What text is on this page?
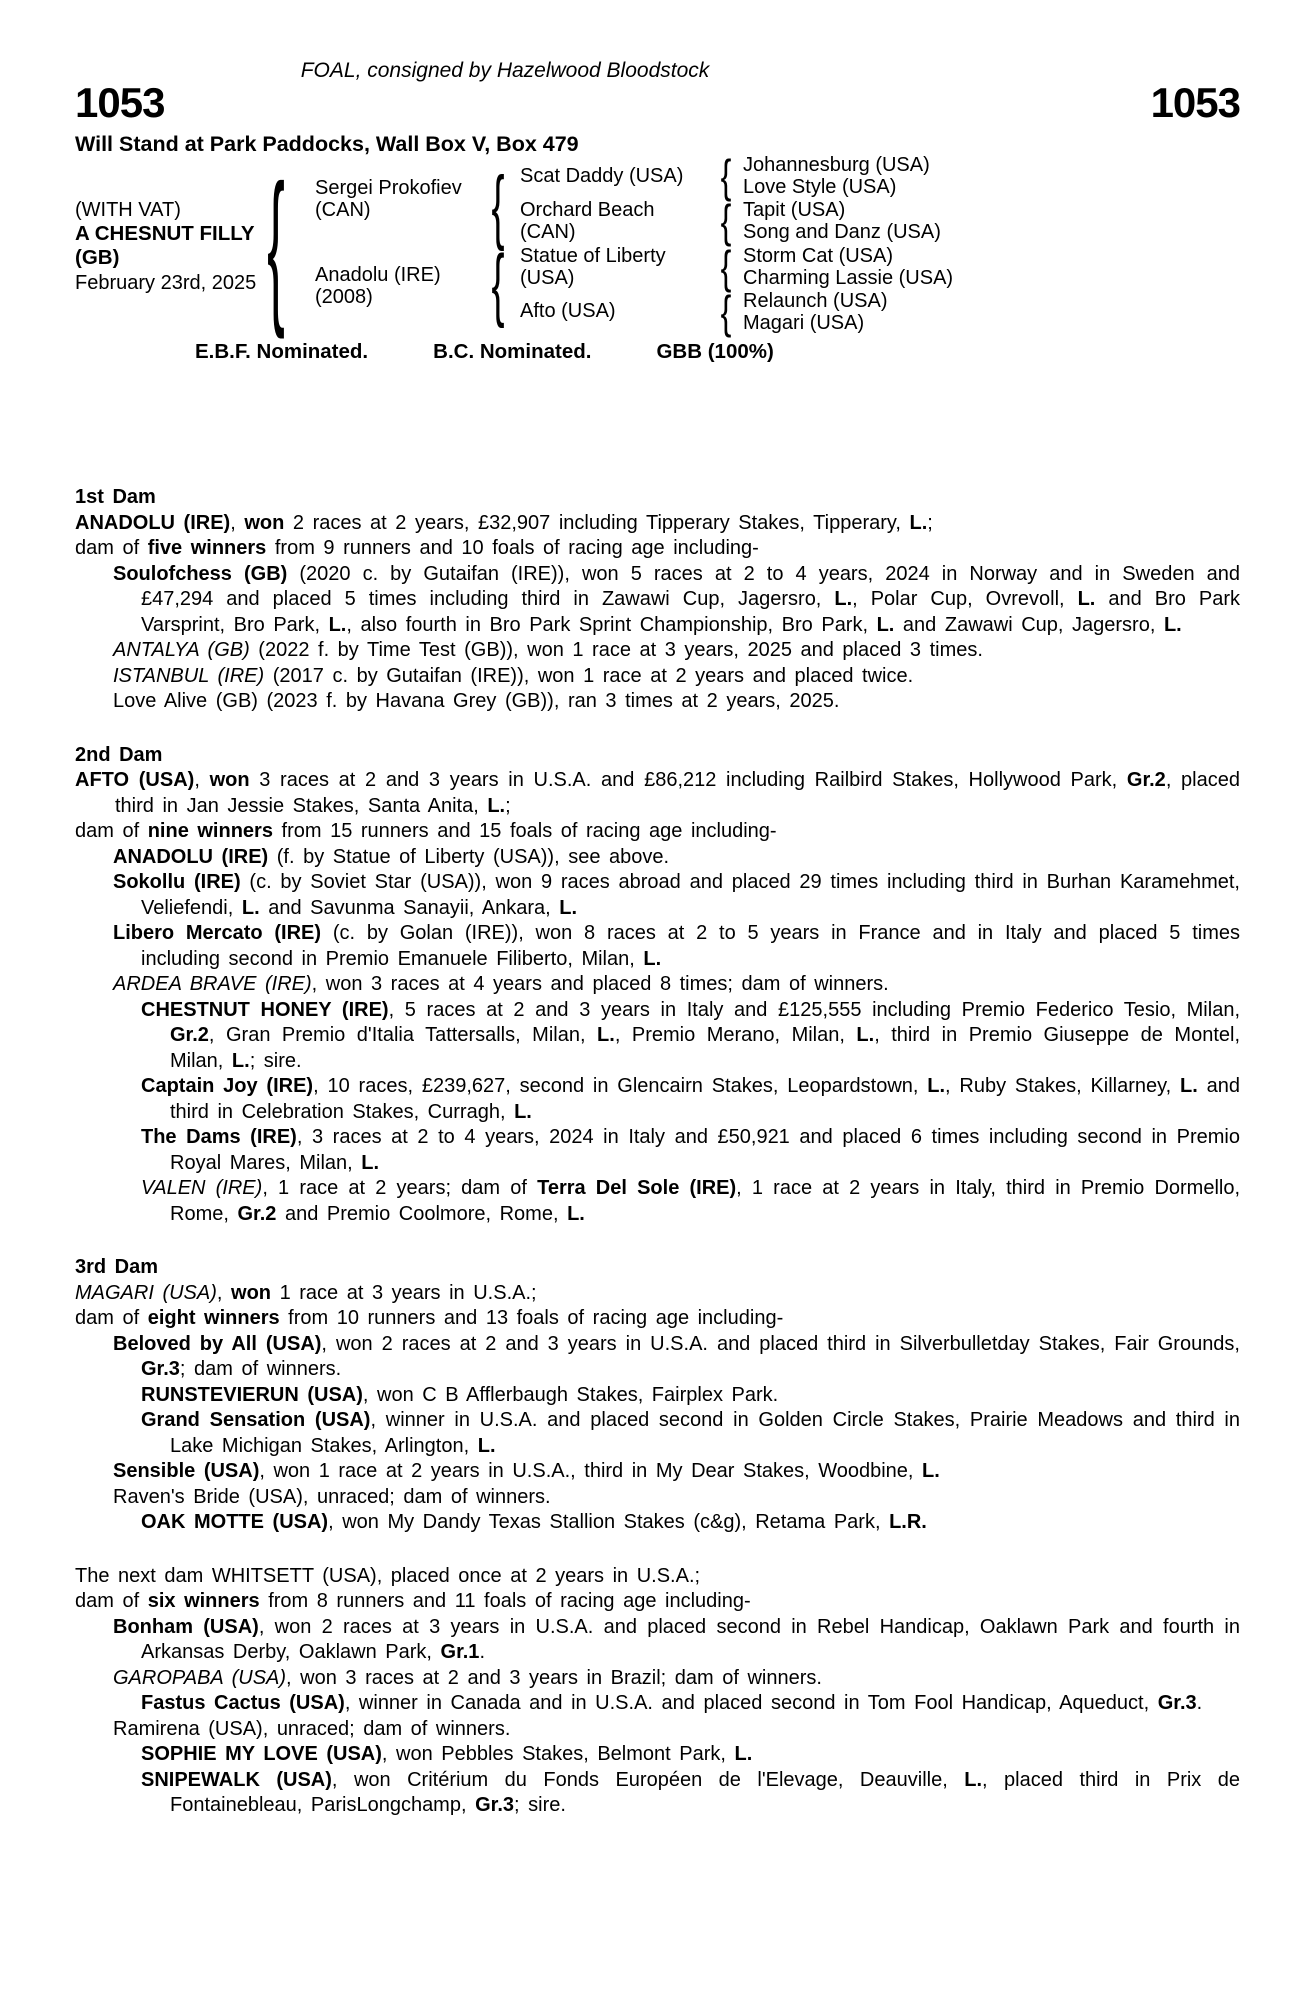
FOAL, consigned by Hazelwood Bloodstock
1053	1053
Will Stand at Park Paddocks, Wall Box V, Box 479
(WITH VAT)
A CHESNUT FILLY (GB)
February 23rd, 2025 {	{
{
{
{
{
{
Sergei Prokofiev (CAN)
Anadolu (IRE) (2008)
Scat Daddy (USA)
Orchard Beach (CAN)
Statue of Liberty (USA)
Afto (USA)
Johannesburg (USA)
Love Style (USA)
Tapit (USA)
Song and Danz (USA)
Storm Cat (USA)
Charming Lassie (USA)
Relaunch (USA)
Magari (USA)
E.B.F. Nominated.	B.C. Nominated.	GBB (100%)
1st Dam
ANADOLU (IRE), won 2 races at 2 years, £32,907 including Tipperary Stakes, Tipperary, L.;
dam of five winners from 9 runners and 10 foals of racing age including-
Soulofchess (GB) (2020 c. by Gutaifan (IRE)), won 5 races at 2 to 4 years, 2024 in Norway and in Sweden and £47,294 and placed 5 times including third in Zawawi Cup, Jagersro, L., Polar Cup, Ovrevoll, L. and Bro Park Varsprint, Bro Park, L., also fourth in Bro Park Sprint Championship, Bro Park, L. and Zawawi Cup, Jagersro, L.
ANTALYA (GB) (2022 f. by Time Test (GB)), won 1 race at 3 years, 2025 and placed 3 times.
ISTANBUL (IRE) (2017 c. by Gutaifan (IRE)), won 1 race at 2 years and placed twice.
Love Alive (GB) (2023 f. by Havana Grey (GB)), ran 3 times at 2 years, 2025.
2nd Dam
AFTO (USA), won 3 races at 2 and 3 years in U.S.A. and £86,212 including Railbird Stakes, Hollywood Park, Gr.2, placed third in Jan Jessie Stakes, Santa Anita, L.;
dam of nine winners from 15 runners and 15 foals of racing age including-
ANADOLU (IRE) (f. by Statue of Liberty (USA)), see above.
Sokollu (IRE) (c. by Soviet Star (USA)), won 9 races abroad and placed 29 times including third in Burhan Karamehmet, Veliefendi, L. and Savunma Sanayii, Ankara, L.
Libero Mercato (IRE) (c. by Golan (IRE)), won 8 races at 2 to 5 years in France and in Italy and placed 5 times including second in Premio Emanuele Filiberto, Milan, L.
ARDEA BRAVE (IRE), won 3 races at 4 years and placed 8 times; dam of winners.
CHESTNUT HONEY (IRE), 5 races at 2 and 3 years in Italy and £125,555 including Premio Federico Tesio, Milan, Gr.2, Gran Premio d'Italia Tattersalls, Milan, L., Premio Merano, Milan, L., third in Premio Giuseppe de Montel, Milan, L.; sire.
Captain Joy (IRE), 10 races, £239,627, second in Glencairn Stakes, Leopardstown, L., Ruby Stakes, Killarney, L. and third in Celebration Stakes, Curragh, L.
The Dams (IRE), 3 races at 2 to 4 years, 2024 in Italy and £50,921 and placed 6 times including second in Premio Royal Mares, Milan, L.
VALEN (IRE), 1 race at 2 years; dam of Terra Del Sole (IRE), 1 race at 2 years in Italy, third in Premio Dormello, Rome, Gr.2 and Premio Coolmore, Rome, L.
3rd Dam
MAGARI (USA), won 1 race at 3 years in U.S.A.;
dam of eight winners from 10 runners and 13 foals of racing age including-
Beloved by All (USA), won 2 races at 2 and 3 years in U.S.A. and placed third in Silverbulletday Stakes, Fair Grounds, Gr.3; dam of winners.
RUNSTEVIERUN (USA), won C B Afflerbaugh Stakes, Fairplex Park.
Grand Sensation (USA), winner in U.S.A. and placed second in Golden Circle Stakes, Prairie Meadows and third in Lake Michigan Stakes, Arlington, L.
Sensible (USA), won 1 race at 2 years in U.S.A., third in My Dear Stakes, Woodbine, L.
Raven's Bride (USA), unraced; dam of winners.
OAK MOTTE (USA), won My Dandy Texas Stallion Stakes (c&g), Retama Park, L.R.
The next dam WHITSETT (USA), placed once at 2 years in U.S.A.;
dam of six winners from 8 runners and 11 foals of racing age including-
Bonham (USA), won 2 races at 3 years in U.S.A. and placed second in Rebel Handicap, Oaklawn Park and fourth in Arkansas Derby, Oaklawn Park, Gr.1.
GAROPABA (USA), won 3 races at 2 and 3 years in Brazil; dam of winners.
Fastus Cactus (USA), winner in Canada and in U.S.A. and placed second in Tom Fool Handicap, Aqueduct, Gr.3.
Ramirena (USA), unraced; dam of winners.
SOPHIE MY LOVE (USA), won Pebbles Stakes, Belmont Park, L.
SNIPEWALK (USA), won Critérium du Fonds Européen de l'Elevage, Deauville, L., placed third in Prix de Fontainebleau, ParisLongchamp, Gr.3; sire.
